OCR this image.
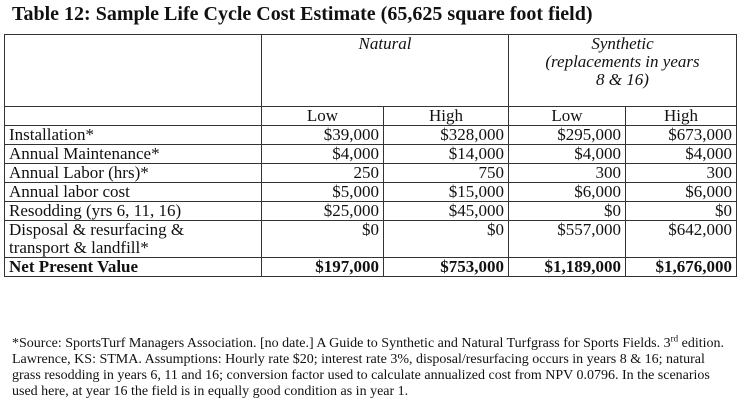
Table 12: Sample Life Cycle Cost Estimate (65,625 square foot field)
	Natural		Synthetic
(replacements in years
8 & 16)	

	Low	High	Low	High
Installation*	$39,000	$328,000	$295,000	$673,000
Annual Maintenance*	$4,000	$14,000	$4,000	$4,000
Annual Labor (hrs)*	250	750	300	300
Annual labor cost	$5,000	$15,000	$6,000	$6,000
Resodding (yrs 6, 11, 16)	$25,000	$45,000	$0	$0

Disposal & resurfacing &
transport & landfill*	$0	$0	$557,000	$642,000
Net Present Value	$197,000	$753,000	$1,189,000	$1,676,000
*Source: SportsTurf Managers Association. [no date.] A Guide to Synthetic and Natural Turfgrass for Sports Fields. 3rd edition. Lawrence, KS: STMA. Assumptions: Hourly rate $20; interest rate 3%, disposal/resurfacing occurs in years 8 & 16; natural grass resodding in years 6, 11 and 16; conversion factor used to calculate annualized cost from NPV 0.0796. In the scenarios used here, at year 16 the field is in equally good condition as in year 1.
